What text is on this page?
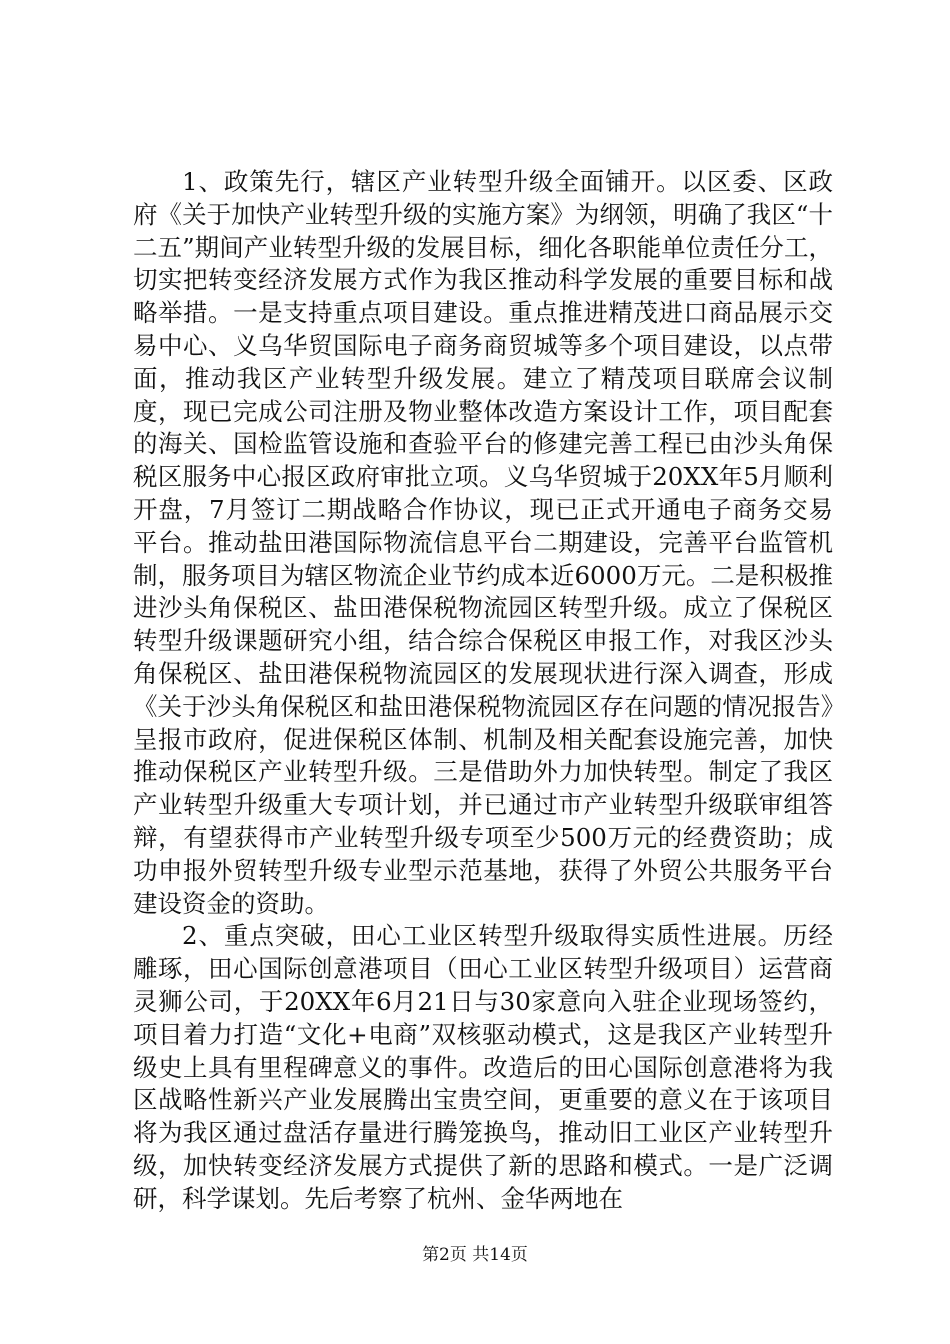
1、政策先行，辖区产业转型升级全面铺开。以区委、区政府《关于加快产业转型升级的实施方案》为纲领，明确了我区“十二五”期间产业转型升级的发展目标，细化各职能单位责任分工，切实把转变经济发展方式作为我区推动科学发展的重要目标和战略举措。一是支持重点项目建设。重点推进精茂进口商品展示交易中心、义乌华贸国际电子商务商贸城等多个项目建设，以点带面，推动我区产业转型升级发展。建立了精茂项目联席会议制度，现已完成公司注册及物业整体改造方案设计工作，项目配套的海关、国检监管设施和查验平台的修建完善工程已由沙头角保税区服务中心报区政府审批立项。义乌华贸城于20XX年5月顺利开盘，7月签订二期战略合作协议，现已正式开通电子商务交易平台。推动盐田港国际物流信息平台二期建设，完善平台监管机制，服务项目为辖区物流企业节约成本近6000万元。二是积极推进沙头角保税区、盐田港保税物流园区转型升级。成立了保税区转型升级课题研究小组，结合综合保税区申报工作，对我区沙头角保税区、盐田港保税物流园区的发展现状进行深入调查，形成《关于沙头角保税区和盐田港保税物流园区存在问题的情况报告》呈报市政府，促进保税区体制、机制及相关配套设施完善，加快推动保税区产业转型升级。三是借助外力加快转型。制定了我区产业转型升级重大专项计划，并已通过市产业转型升级联审组答辩，有望获得市产业转型升级专项至少500万元的经费资助；成功申报外贸转型升级专业型示范基地，获得了外贸公共服务平台建设资金的资助。

2、重点突破，田心工业区转型升级取得实质性进展。历经雕琢，田心国际创意港项目（田心工业区转型升级项目）运营商灵狮公司，于20XX年6月21日与30家意向入驻企业现场签约，项目着力打造“文化+电商”双核驱动模式，这是我区产业转型升级史上具有里程碑意义的事件。改造后的田心国际创意港将为我区战略性新兴产业发展腾出宝贵空间，更重要的意义在于该项目将为我区通过盘活存量进行腾笼换鸟，推动旧工业区产业转型升级，加快转变经济发展方式提供了新的思路和模式。一是广泛调研，科学谋划。先后考察了杭州、金华两地在

第2页 共14页
